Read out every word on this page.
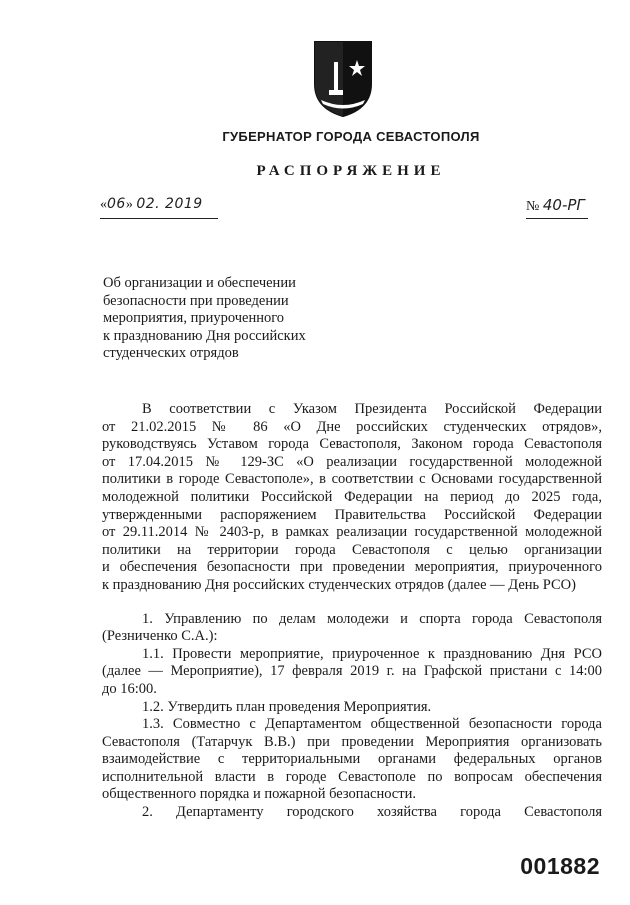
ГУБЕРНАТОР ГОРОДА СЕВАСТОПОЛЯ
РАСПОРЯЖЕНИЕ
«06» 02. 2019	№ 40-РГ
Об организации и обеспечении
безопасности при проведении
мероприятия, приуроченного
к празднованию Дня российских
студенческих отрядов
В соответствии с Указом Президента Российской Федерации
от 21.02.2015 № 86 «О Дне российских студенческих отрядов»,
руководствуясь Уставом города Севастополя, Законом города Севастополя
от 17.04.2015 № 129-ЗС «О реализации государственной молодежной
политики в городе Севастополе», в соответствии с Основами государственной
молодежной политики Российской Федерации на период до 2025 года,
утвержденными распоряжением Правительства Российской Федерации
от 29.11.2014 № 2403-р, в рамках реализации государственной молодежной
политики на территории города Севастополя с целью организации
и обеспечения безопасности при проведении мероприятия, приуроченного
к празднованию Дня российских студенческих отрядов (далее — День РСО)
1. Управлению по делам молодежи и спорта города Севастополя
(Резниченко С.А.):
1.1. Провести мероприятие, приуроченное к празднованию Дня РСО
(далее — Мероприятие), 17 февраля 2019 г. на Графской пристани с 14:00
до 16:00.
1.2. Утвердить план проведения Мероприятия.
1.3. Совместно с Департаментом общественной безопасности города
Севастополя (Татарчук В.В.) при проведении Мероприятия организовать
взаимодействие с территориальными органами федеральных органов
исполнительной власти в городе Севастополе по вопросам обеспечения
общественного порядка и пожарной безопасности.
2. Департаменту городского хозяйства города Севастополя
001882
